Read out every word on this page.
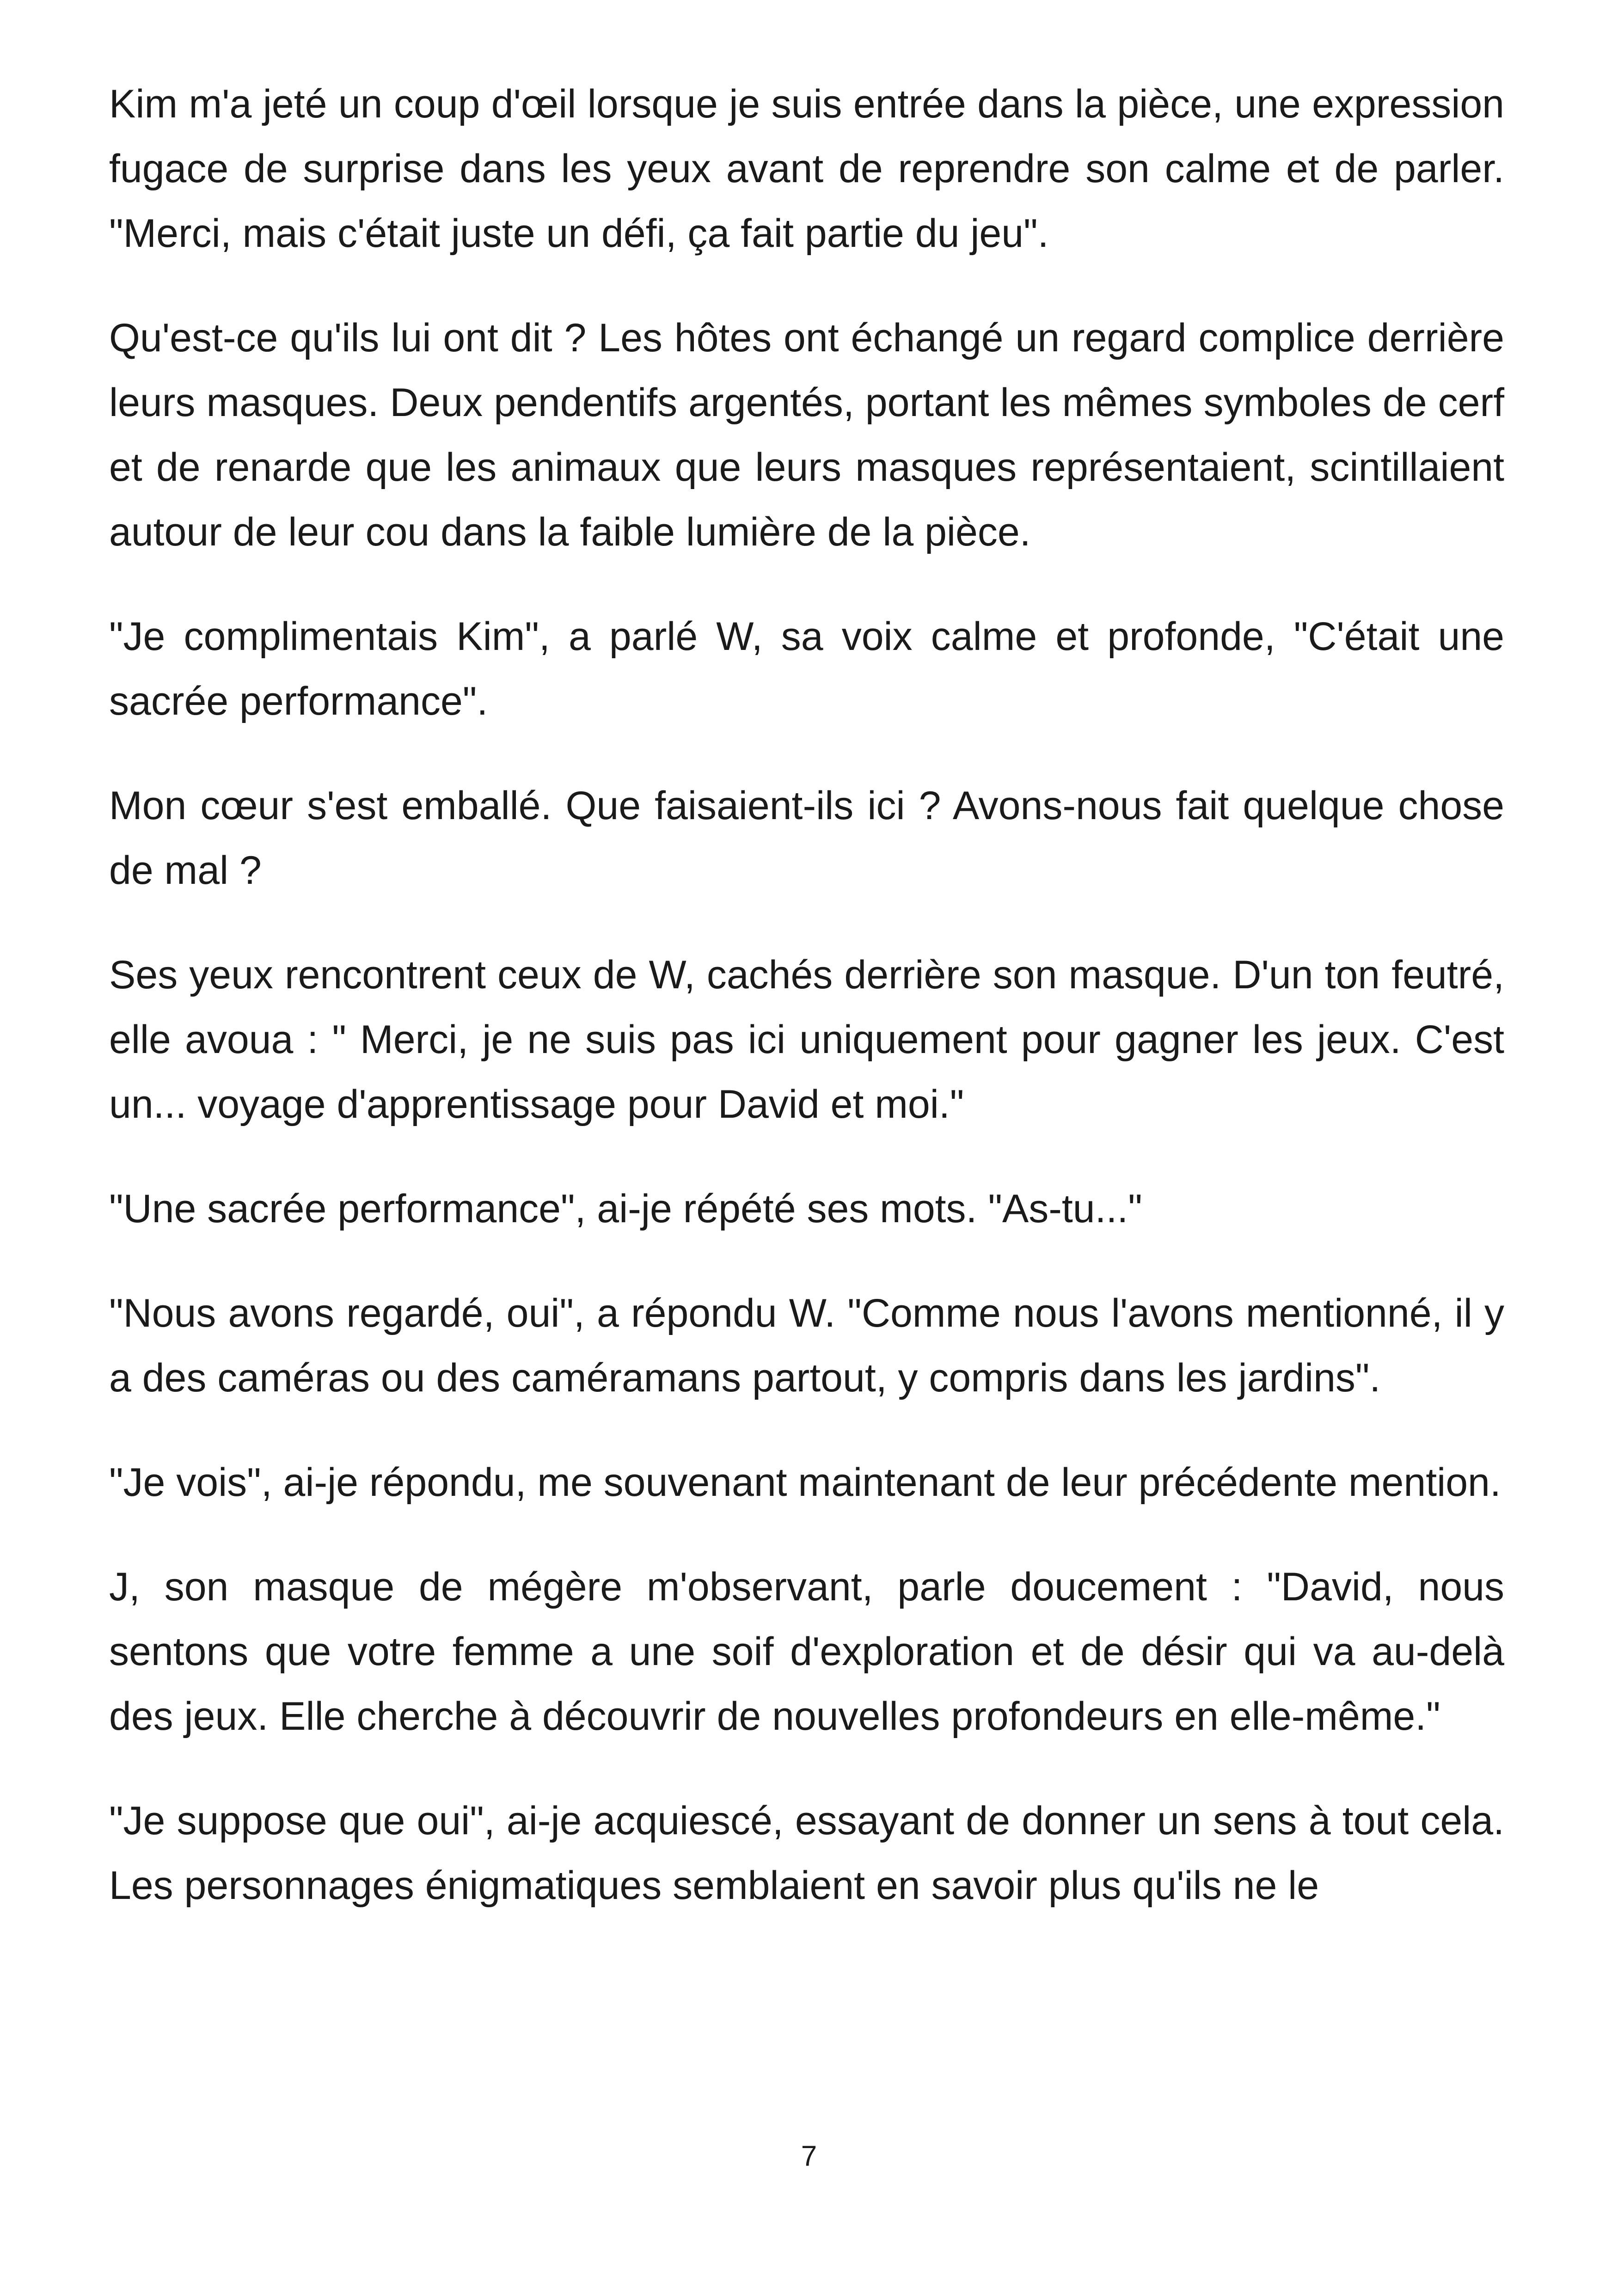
Kim m'a jeté un coup d'œil lorsque je suis entrée dans la pièce, une expression fugace de surprise dans les yeux avant de reprendre son calme et de parler. "Merci, mais c'était juste un défi, ça fait partie du jeu".

Qu'est-ce qu'ils lui ont dit ? Les hôtes ont échangé un regard complice derrière leurs masques. Deux pendentifs argentés, portant les mêmes symboles de cerf et de renarde que les animaux que leurs masques représentaient, scintillaient autour de leur cou dans la faible lumière de la pièce.

"Je complimentais Kim", a parlé W, sa voix calme et profonde, "C'était une sacrée performance".

Mon cœur s'est emballé. Que faisaient-ils ici ? Avons-nous fait quelque chose de mal ?

Ses yeux rencontrent ceux de W, cachés derrière son masque. D'un ton feutré, elle avoua : " Merci, je ne suis pas ici uniquement pour gagner les jeux. C'est un... voyage d'apprentissage pour David et moi."

"Une sacrée performance", ai-je répété ses mots. "As-tu..."

"Nous avons regardé, oui", a répondu W. "Comme nous l'avons mentionné, il y a des caméras ou des caméramans partout, y compris dans les jardins".

"Je vois", ai-je répondu, me souvenant maintenant de leur précédente mention.

J, son masque de mégère m'observant, parle doucement : "David, nous sentons que votre femme a une soif d'exploration et de désir qui va au-delà des jeux. Elle cherche à découvrir de nouvelles profondeurs en elle-même."

"Je suppose que oui", ai-je acquiescé, essayant de donner un sens à tout cela. Les personnages énigmatiques semblaient en savoir plus qu'ils ne le

7
